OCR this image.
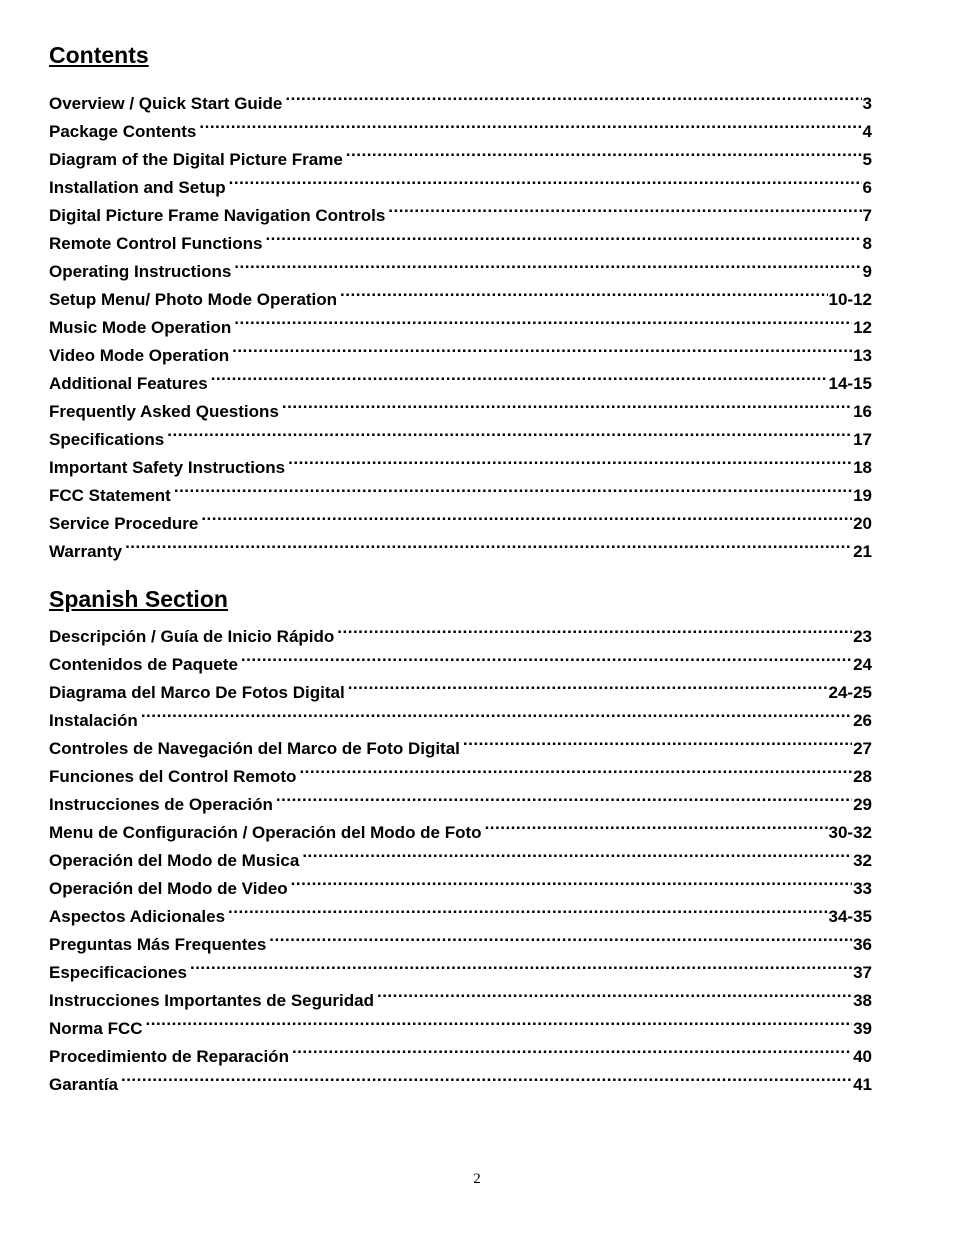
Contents
Overview / Quick Start Guide .....	3
Package Contents .....	4
Diagram of the Digital Picture Frame .....	5
Installation and Setup .....	6
Digital Picture Frame Navigation Controls .....	7
Remote Control Functions .....	8
Operating Instructions .....	9
Setup Menu/ Photo Mode Operation .....	10-12
Music Mode Operation .....	12
Video Mode Operation .....	13
Additional Features .....	14-15
Frequently Asked Questions .....	16
Specifications .....	17
Important Safety Instructions .....	18
FCC Statement .....	19
Service Procedure .....	20
Warranty .....	21
Spanish Section
Descripción / Guía de Inicio Rápido .....	23
Contenidos de Paquete .....	24
Diagrama del Marco De Fotos Digital .....	24-25
Instalación .....	26
Controles de Navegación del Marco de Foto Digital .....	27
Funciones del Control Remoto .....	28
Instrucciones de Operación .....	29
Menu de Configuración / Operación del Modo de Foto .....	30-32
Operación del Modo de Musica .....	32
Operación del Modo de Video .....	33
Aspectos Adicionales .....	34-35
Preguntas Más Frequentes .....	36
Especificaciones .....	37
Instrucciones Importantes de Seguridad .....	38
Norma FCC .....	39
Procedimiento de Reparación .....	40
Garantía .....	41
2
